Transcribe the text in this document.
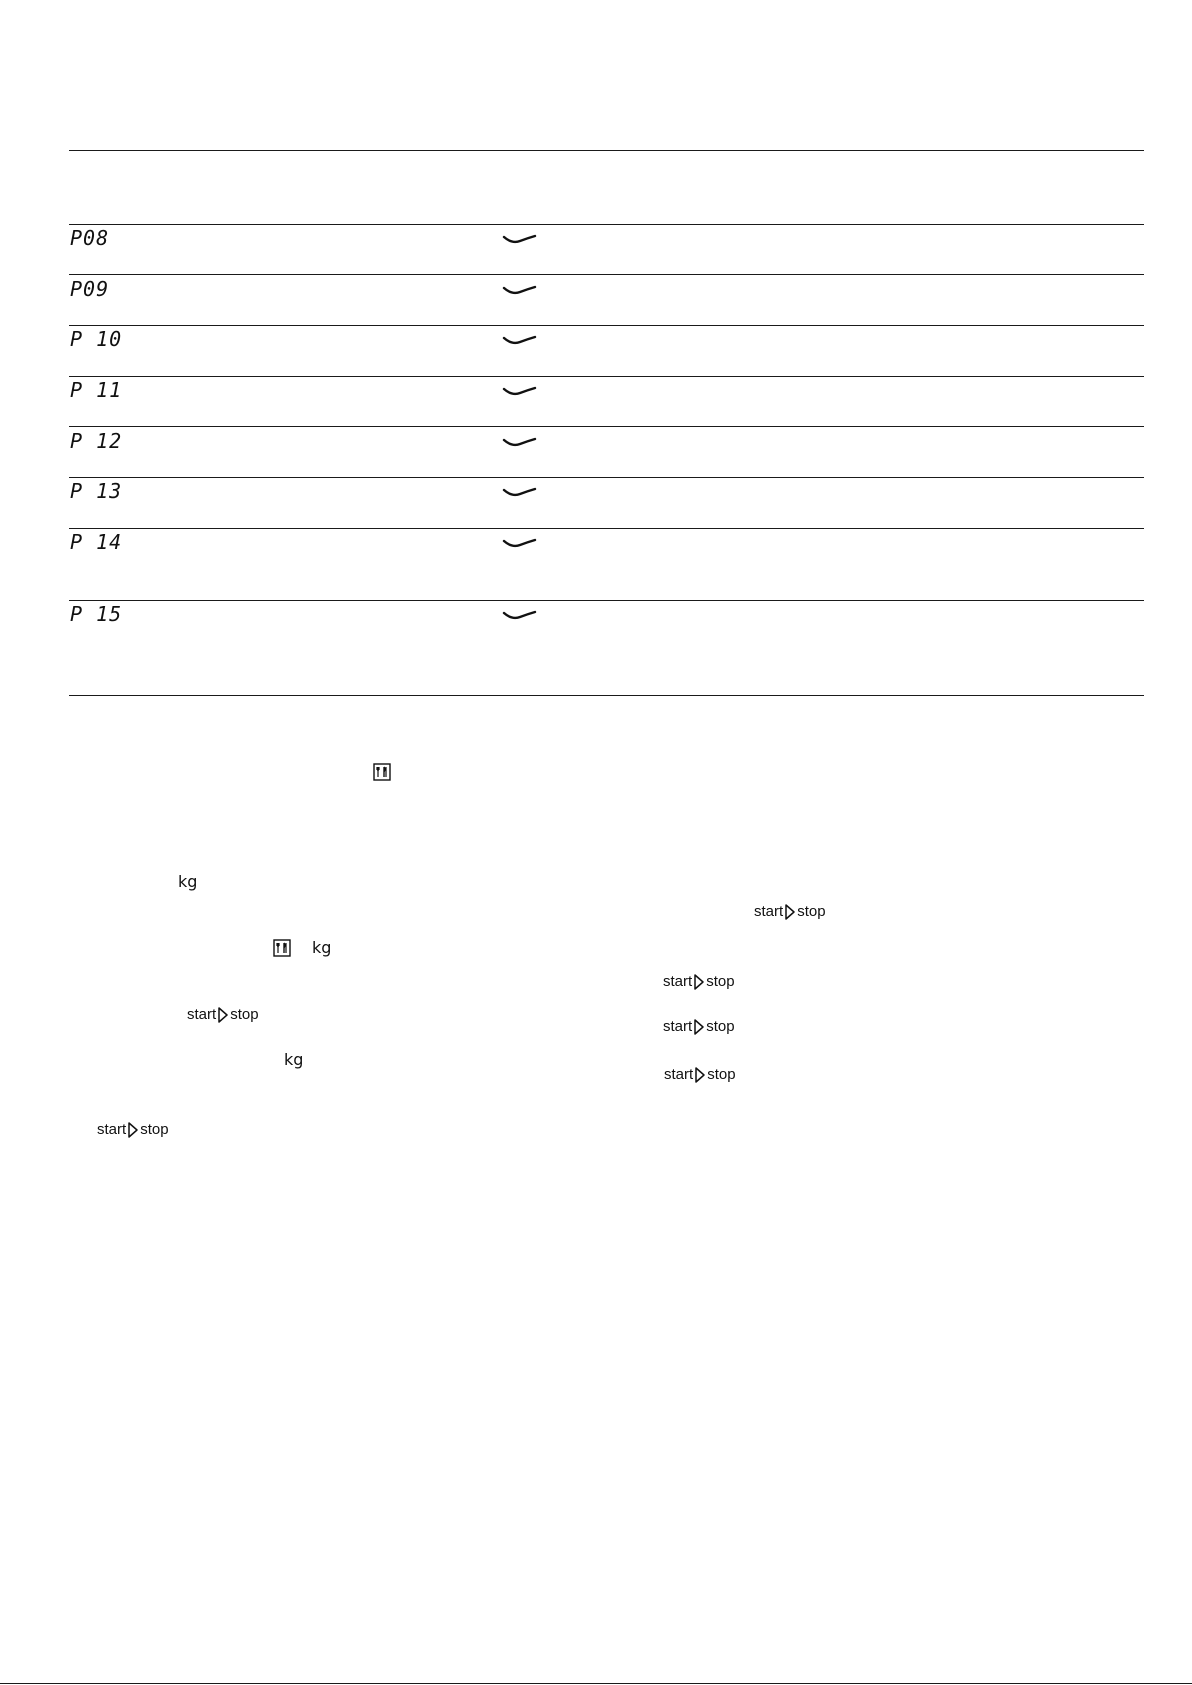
P08
P09
P 10
P 11
P 12
P 13
P 14
P 15
kg
kg
start stop
kg
start stop
start stop
start stop
start stop
start stop
